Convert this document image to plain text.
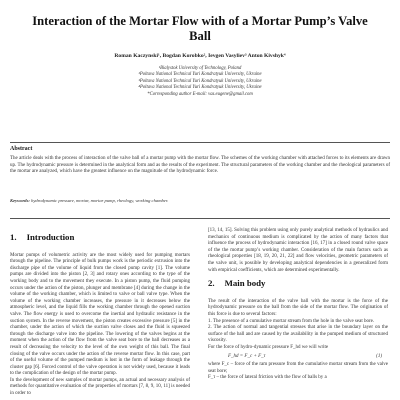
Interaction of the Mortar Flow with of a Mortar Pump’s Valve Ball
Roman Kaczynski¹, Bogdan Korobko², Ievgen Vasyliev³ Anton Kivshyk⁴
¹Bialystok University of Technology, Poland
²Poltava National Technical Yuri Kondratyuk University, Ukraine
³Poltava National Technical Yuri Kondratyuk University, Ukraine
⁴Poltava National Technical Yuri Kondratyuk University, Ukraine
*Corresponding author E-mail: vas.eugene@gmail.com
Abstract

The article deals with the process of interaction of the valve ball of a mortar pump with the mortar flow. The schemes of the working chamber with attached forces to its elements are drawn up. The hydrodynamic pressure is determined in the analytical form and as the results of the experiment. The structural parameters of the working chamber and the rheological parameters of the mortar are analyzed, which have the greatest influence on the magnitude of the hydrodynamic force.

Keywords: hydrodynamic pressure, mortar, mortar pump, rheology, working chamber.
1. Introduction

Mortar pumps of volumetric activity are the most widely used for pumping mortars through the pipeline. The principle of bulk pumps work is the periodic extrusion into the discharge pipe of the volume of liquid from the closed pump cavity [1]. The volume pumps are divided into the piston [2, 3] and rotary ones according to the type of the working body and to the movement they execute. In a piston pump, the fluid pumping occurs under the action of the piston, plunger and membrane [4] during the change in the volume of the working chamber, which is limited to valve or ball valve type. When the volume of the working chamber increases, the pressure in it decreases below the atmospheric level, and the liquid fills the working chamber through the opened suction valve. The flow energy is used to overcome the inertial and hydraulic resistance in the suction system. In the reverse movement, the piston creates excessive pressure [5] in the chamber, under the action of which the suction valve closes and the fluid is squeezed through the discharge valve into the pipeline. The lowering of the valves begins at the moment when the action of the flow from the valve seat bore to the ball decreases as a result of decreasing the velocity to the level of the own weight of this ball. The final closing of the valve occurs under the action of the reverse mortar flow. In this case, part of the useful volume of the pumped medium is lost in the form of leakage through the cluster gap [6]. Forced control of the valve operation is not widely used, because it leads to the complication of the design of the mortar pump.

In the development of new samples of mortar pumps, an actual and necessary analysis of methods for quantitative evaluation of the properties of mortars [7, 8, 9, 10, 11] is needed in order to

[13, 14, 15]. Solving this problem using only purely analytical methods of hydraulics and mechanics of continuous medium is complicated by the action of many factors that influence the process of hydrodynamic interaction [16, 17] in a closed round valve space of the the mortar pump’s working chamber. Consideration of the main factors such as rheological properties [18, 19, 20, 21, 22] and flow velocities, geometric parameters of the valve unit, is possible by developing analytical dependencies in a generalized form with empirical coefficients, which are determined experimentally.

2. Main body

The result of the interaction of the valve ball with the mortar is the force of the hydrodynamic pressure on the ball from the side of the mortar flow. The origination of this force is due to several factors:

1. The presence of a cumulative mortar stream from the hole in the valve seat bore.

2. The action of normal and tangential stresses that arise in the boundary layer on the surface of the ball and are caused by the availability in the pumped medium of structured viscosity.

For the force of hydro-dynamic pressure F_hd we will write

F_hd = F_c + F_τ	(1)

where F_c – force of the ram pressure from the cumulative mortar stream from the valve seat bore;

F_τ – the force of lateral friction with the flow of balls by a
